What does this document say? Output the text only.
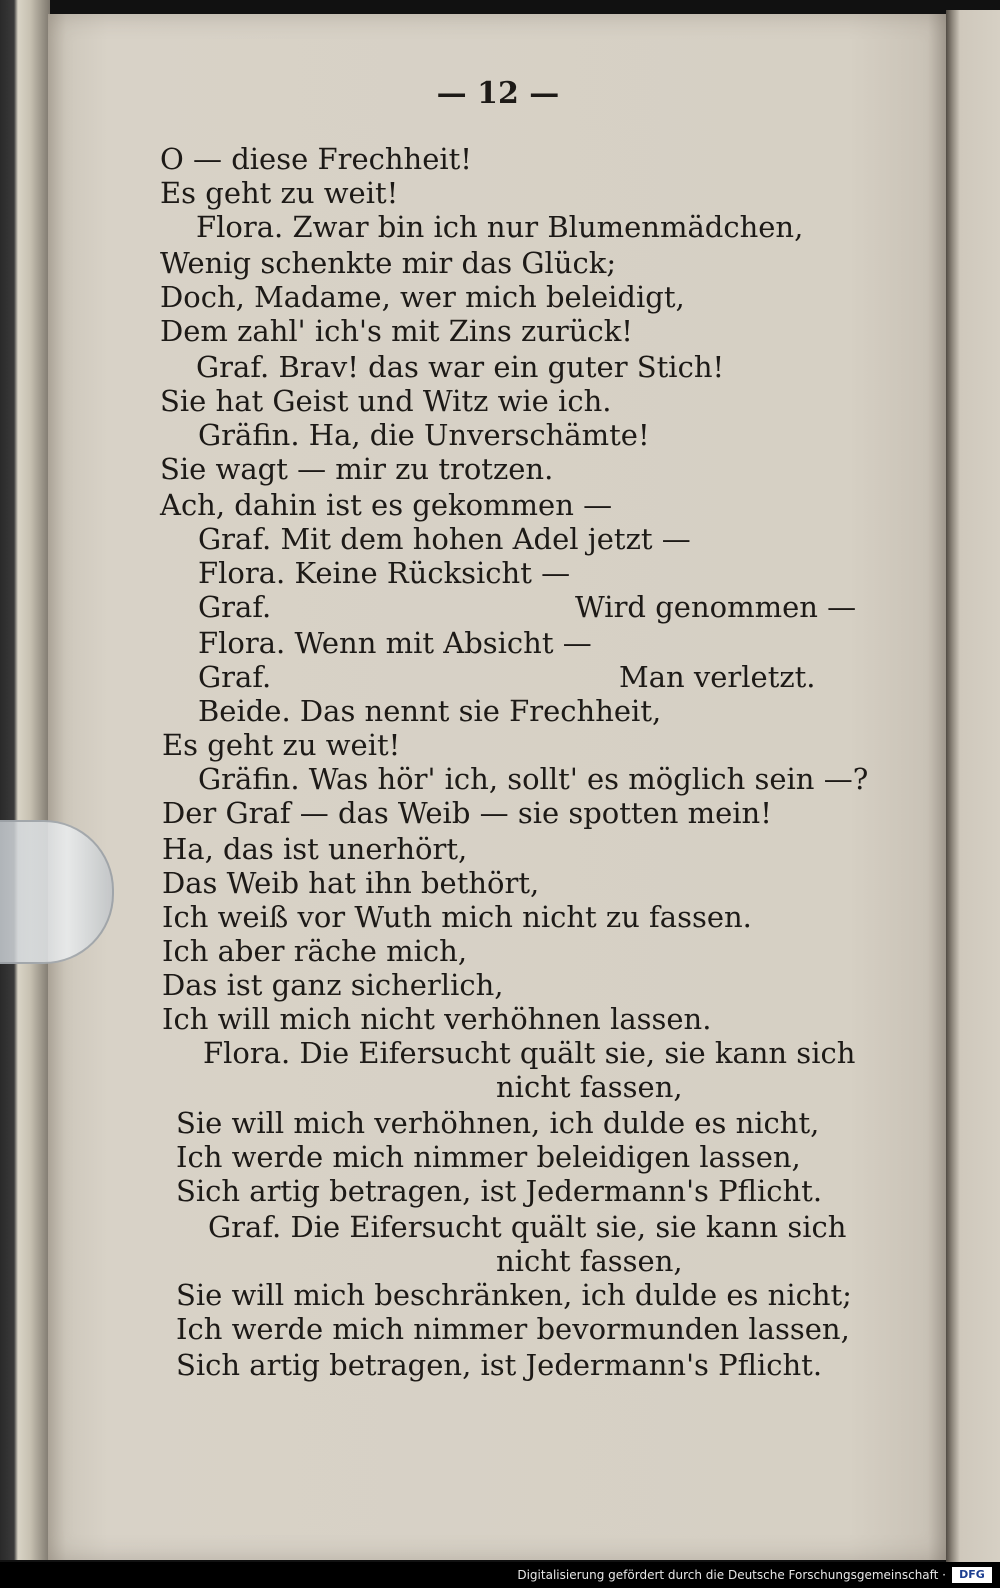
— 12 —
O — diese Frechheit!
Es geht zu weit!
Flora. Zwar bin ich nur Blumenmädchen,
Wenig schenkte mir das Glück;
Doch, Madame, wer mich beleidigt,
Dem zahl' ich's mit Zins zurück!
Graf. Brav! das war ein guter Stich!
Sie hat Geist und Witz wie ich.
Gräfin. Ha, die Unverschämte!
Sie wagt — mir zu trotzen.
Ach, dahin ist es gekommen —
Graf. Mit dem hohen Adel jetzt —
Flora. Keine Rücksicht —
Graf.	Wird genommen —
Flora. Wenn mit Absicht —
Graf.	Man verletzt.
Beide. Das nennt sie Frechheit,
Es geht zu weit!
Gräfin. Was hör' ich, sollt' es möglich sein —?
Der Graf — das Weib — sie spotten mein!
Ha, das ist unerhört,
Das Weib hat ihn bethört,
Ich weiß vor Wuth mich nicht zu fassen.
Ich aber räche mich,
Das ist ganz sicherlich,
Ich will mich nicht verhöhnen lassen.
Flora. Die Eifersucht quält sie, sie kann sich
nicht fassen,
Sie will mich verhöhnen, ich dulde es nicht,
Ich werde mich nimmer beleidigen lassen,
Sich artig betragen, ist Jedermann's Pflicht.
Graf. Die Eifersucht quält sie, sie kann sich
nicht fassen,
Sie will mich beschränken, ich dulde es nicht;
Ich werde mich nimmer bevormunden lassen,
Sich artig betragen, ist Jedermann's Pflicht.
Digitalisierung gefördert durch die Deutsche Forschungsgemeinschaft ·	DFG
